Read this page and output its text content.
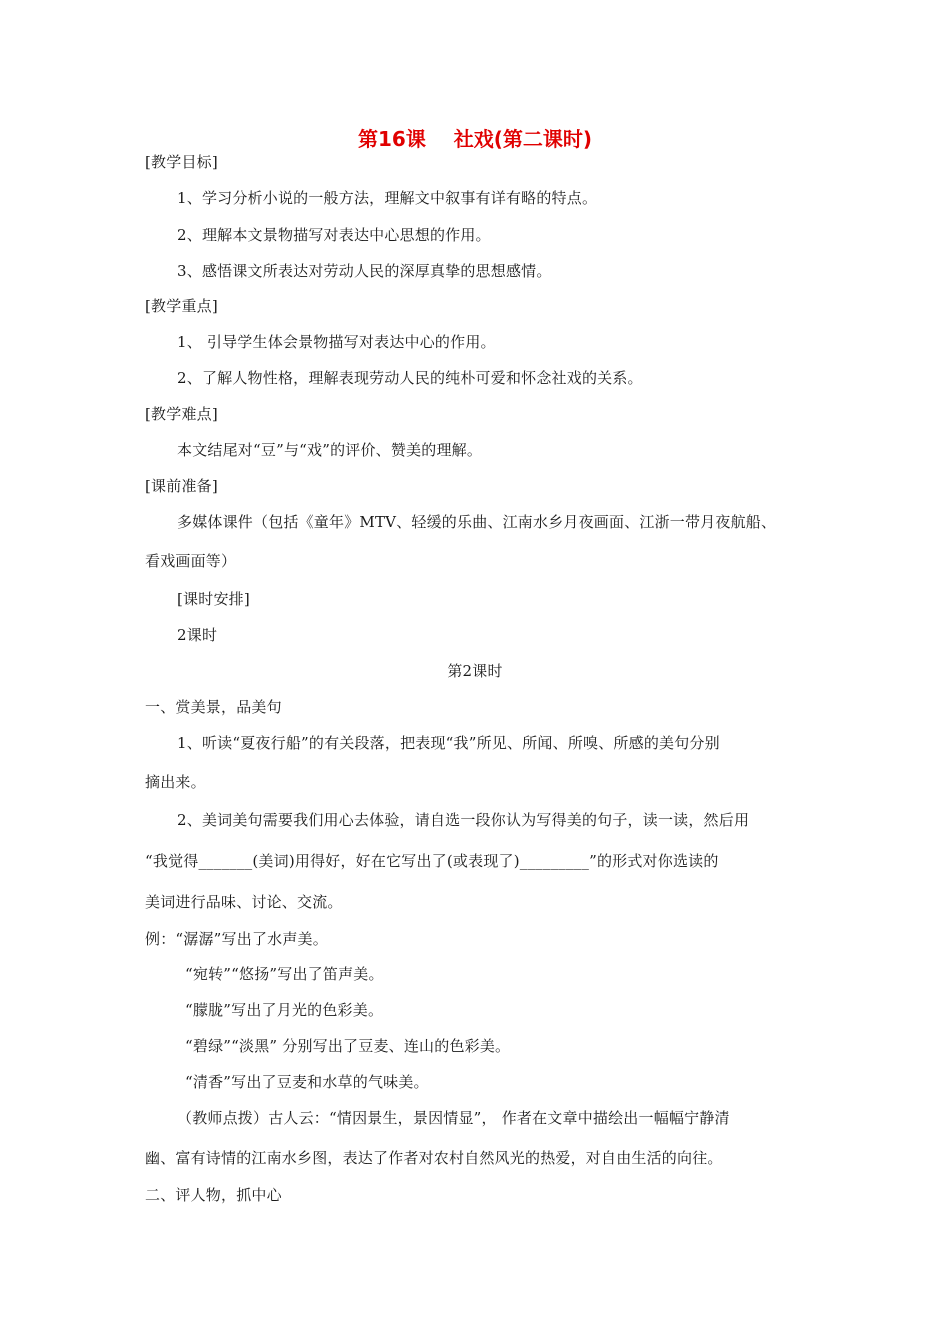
第16课    社戏(第二课时)
[教学目标]
1、学习分析小说的一般方法，理解文中叙事有详有略的特点。
2、理解本文景物描写对表达中心思想的作用。
3、感悟课文所表达对劳动人民的深厚真挚的思想感情。
[教学重点]
1、 引导学生体会景物描写对表达中心的作用。
2、了解人物性格，理解表现劳动人民的纯朴可爱和怀念社戏的关系。
[教学难点]
本文结尾对“豆”与“戏”的评价、赞美的理解。
[课前准备]
多媒体课件（包括《童年》MTV、轻缓的乐曲、江南水乡月夜画面、江浙一带月夜航船、
看戏画面等）
[课时安排]
2课时
第2课时
一、赏美景，品美句
1、听读“夏夜行船”的有关段落，把表现“我”所见、所闻、所嗅、所感的美句分别
摘出来。
2、美词美句需要我们用心去体验，请自选一段你认为写得美的句子，读一读，然后用
“我觉得_______(美词)用得好，好在它写出了(或表现了)_________”的形式对你选读的
美词进行品味、讨论、交流。
例：“潺潺”写出了水声美。
“宛转”“悠扬”写出了笛声美。
“朦胧”写出了月光的色彩美。
“碧绿”“淡黑” 分别写出了豆麦、连山的色彩美。
“清香”写出了豆麦和水草的气味美。
（教师点拨）古人云：“情因景生，景因情显”， 作者在文章中描绘出一幅幅宁静清
幽、富有诗情的江南水乡图，表达了作者对农村自然风光的热爱，对自由生活的向往。
二、评人物，抓中心
